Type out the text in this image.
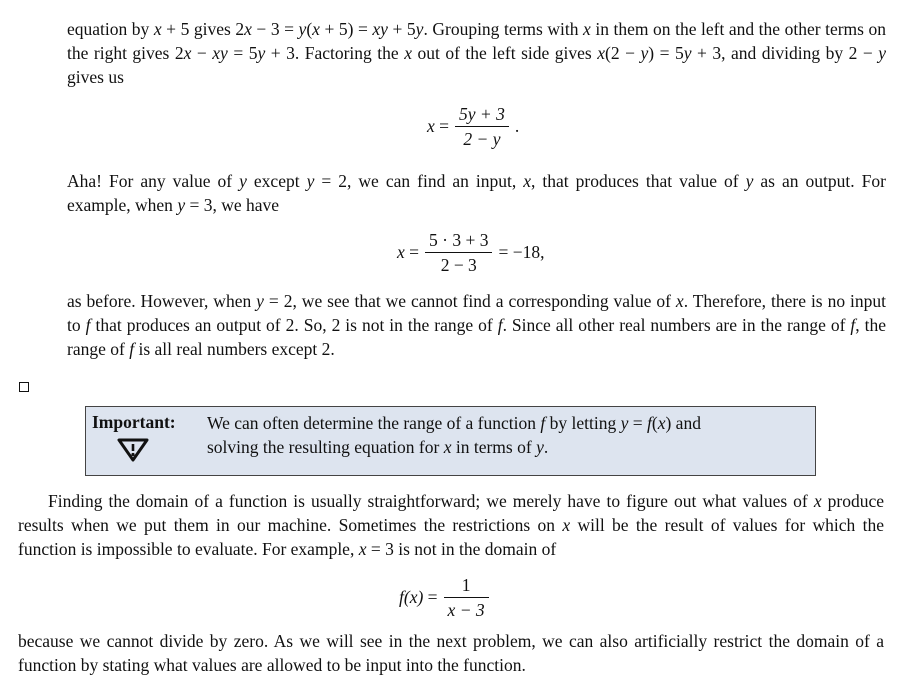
equation by x + 5 gives 2x − 3 = y(x + 5) = xy + 5y. Grouping terms with x in them on the left and the other terms on the right gives 2x − xy = 5y + 3. Factoring the x out of the left side gives x(2 − y) = 5y + 3, and dividing by 2 − y gives us

x
= $\frac{5y + 3}{2 - y}$ .

Aha! For any value of y except y = 2, we can find an input, x, that produces that value of y as an output. For example, when y = 3, we have

x
= $\frac{5 \cdot 3 + 3}{2 - 3} = -18$,

as before. However, when y = 2, we see that we cannot find a corresponding value of x. Therefore, there is no input to f that produces an output of 2. So, 2 is not in the range of f. Since all other real numbers are in the range of f, the range of f is all real numbers except 2.

Important: We can often determine the range of a function f by letting y = f(x) and
solving the resulting equation for x in terms of y.

Finding the domain of a function is usually straightforward; we merely have to figure out what values of x produce results when we put them in our machine. Sometimes the restrictions on x will be the result of values for which the function is impossible to evaluate. For example, x = 3 is not in the domain of

f(x)
= $\frac{1}{x - 3}$

because we cannot divide by zero. As we will see in the next problem, we can also artificially restrict the domain of a function by stating what values are allowed to be input into the function.
